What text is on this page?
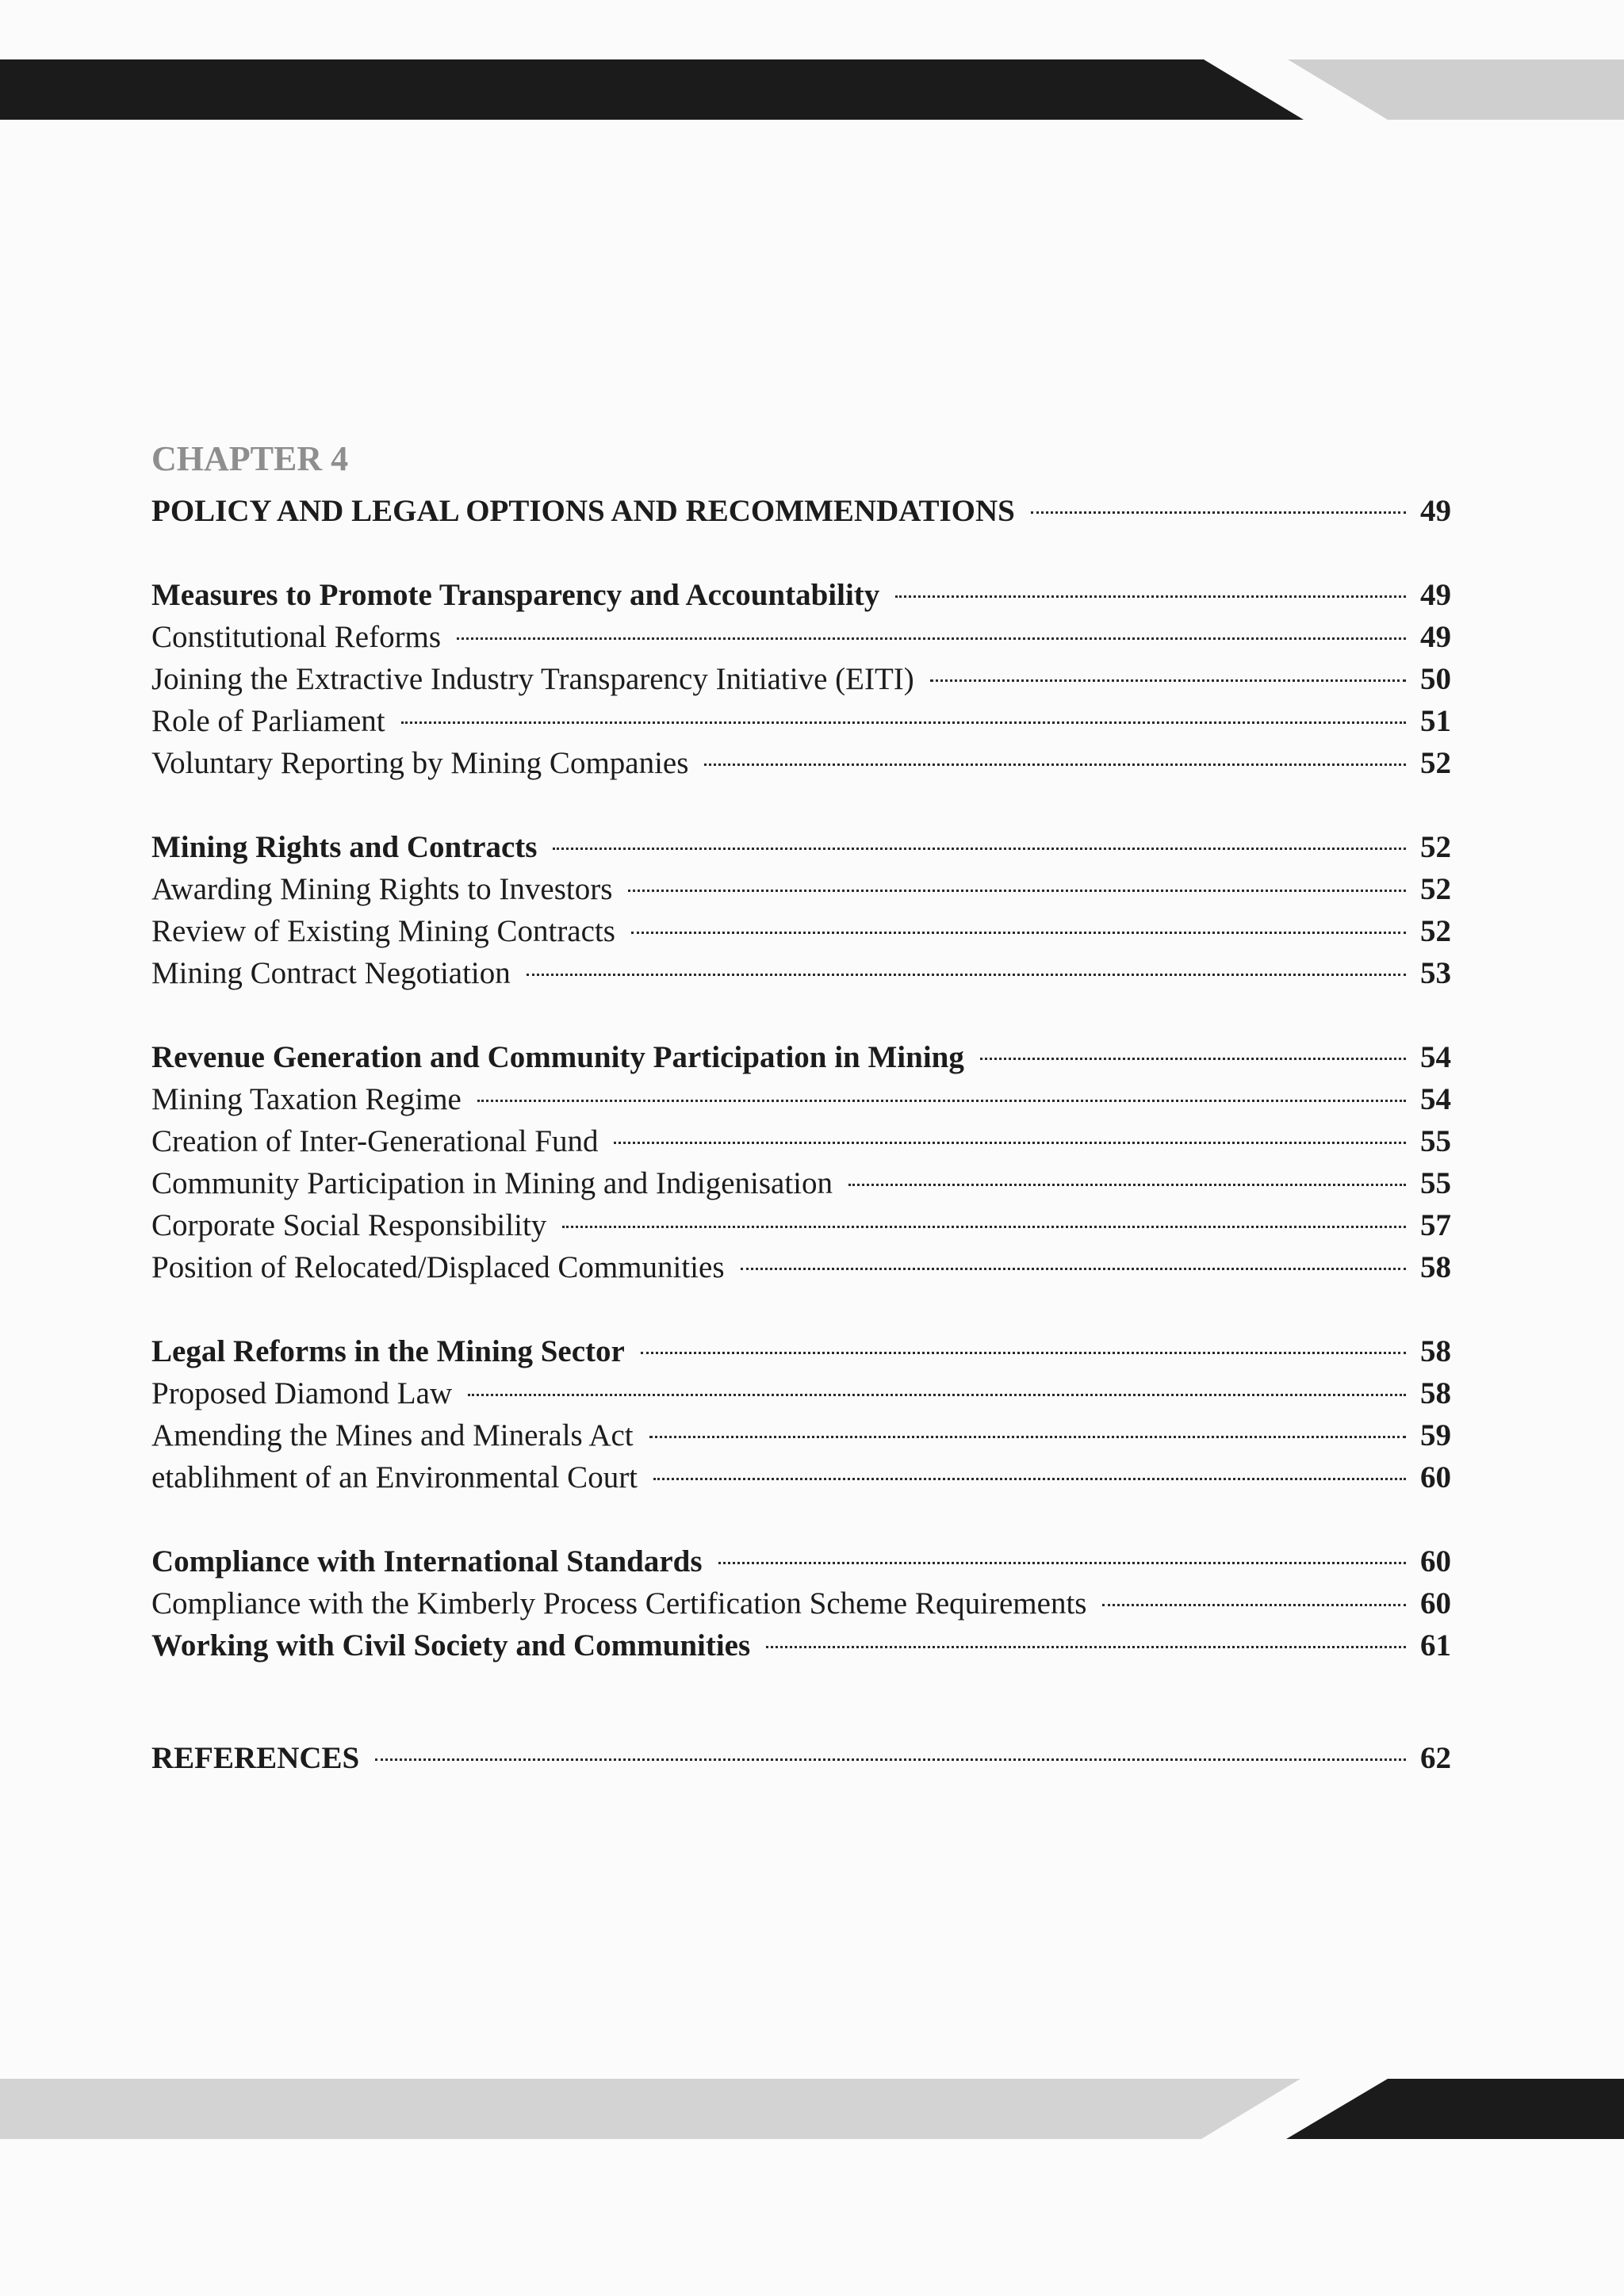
CHAPTER 4
POLICY AND LEGAL OPTIONS AND RECOMMENDATIONS	49
Measures to Promote Transparency and Accountability	49
Constitutional Reforms	49
Joining the Extractive Industry Transparency Initiative (EITI)	50
Role of Parliament	51
Voluntary Reporting by Mining Companies	52
Mining Rights and Contracts	52
Awarding Mining Rights to Investors	52
Review of Existing Mining Contracts	52
Mining Contract Negotiation	53
Revenue Generation and Community Participation in Mining	54
Mining Taxation Regime	54
Creation of Inter-Generational Fund	55
Community Participation in Mining and Indigenisation	55
Corporate Social Responsibility	57
Position of Relocated/Displaced Communities	58
Legal Reforms in the Mining Sector	58
Proposed Diamond Law	58
Amending the Mines and Minerals Act	59
etablihment of an Environmental Court	60
Compliance with International Standards	60
Compliance with the Kimberly Process Certification Scheme Requirements	60
Working with Civil Society and Communities	61
REFERENCES	62
